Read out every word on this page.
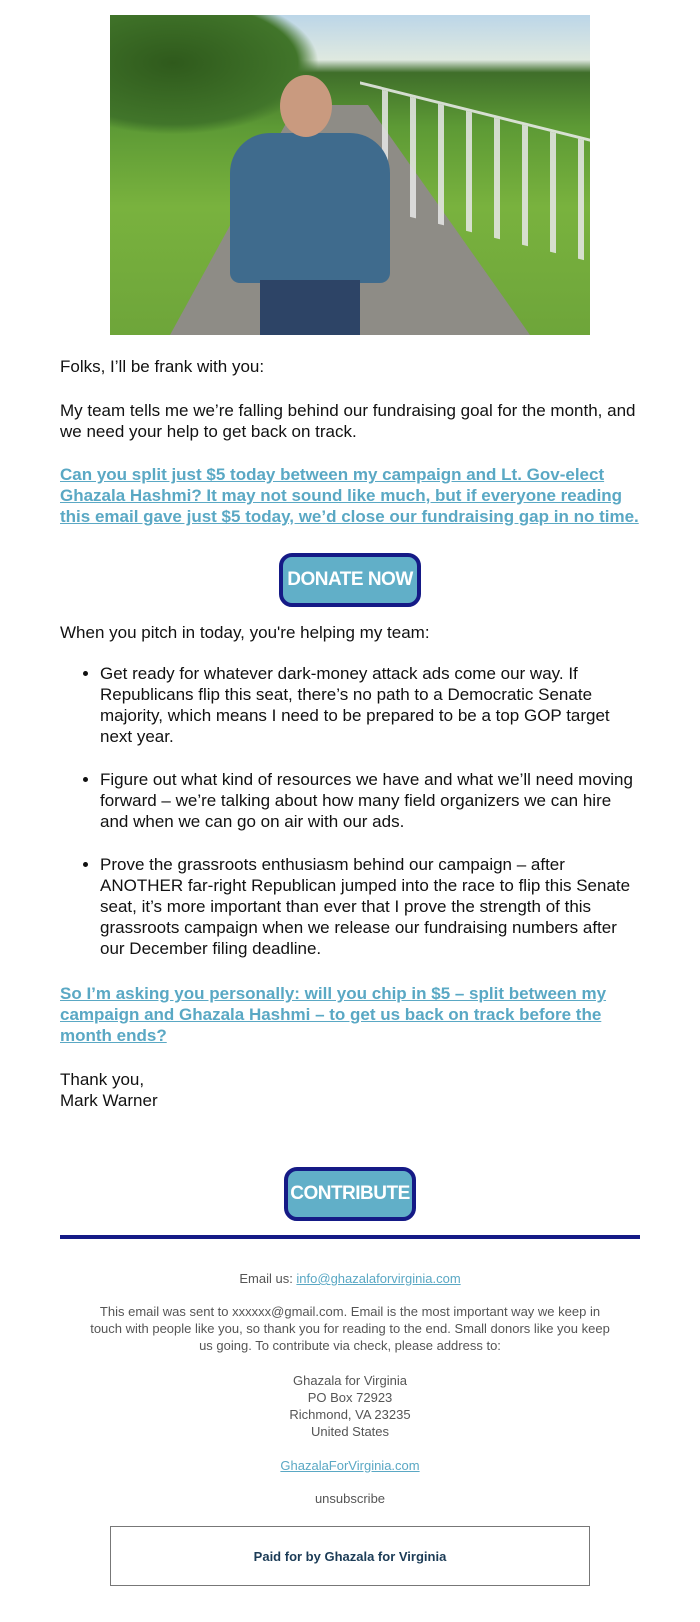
Folks, I’ll be frank with you:

My team tells me we’re falling behind our fundraising goal for the month, and we need your help to get back on track.

Can you split just $5 today between my campaign and Lt. Gov-elect Ghazala Hashmi? It may not sound like much, but if everyone reading this email gave just $5 today, we’d close our fundraising gap in no time.

DONATE NOW

When you pitch in today, you're helping my team:

• Get ready for whatever dark-money attack ads come our way. If Republicans flip this seat, there’s no path to a Democratic Senate majority, which means I need to be prepared to be a top GOP target next year.
• Figure out what kind of resources we have and what we’ll need moving forward – we’re talking about how many field organizers we can hire and when we can go on air with our ads.
• Prove the grassroots enthusiasm behind our campaign – after ANOTHER far-right Republican jumped into the race to flip this Senate seat, it’s more important than ever that I prove the strength of this grassroots campaign when we release our fundraising numbers after our December filing deadline.

So I’m asking you personally: will you chip in $5 – split between my campaign and Ghazala Hashmi – to get us back on track before the month ends?

Thank you,

Mark Warner

CONTRIBUTE
Email us: info@ghazalaforvirginia.com
This email was sent to xxxxxx@gmail.com. Email is the most important way we keep in touch with people like you, so thank you for reading to the end. Small donors like you keep us going. To contribute via check, please address to:
Ghazala for Virginia
PO Box 72923
Richmond, VA 23235
United States
GhazalaForVirginia.com
unsubscribe
Paid for by Ghazala for Virginia
